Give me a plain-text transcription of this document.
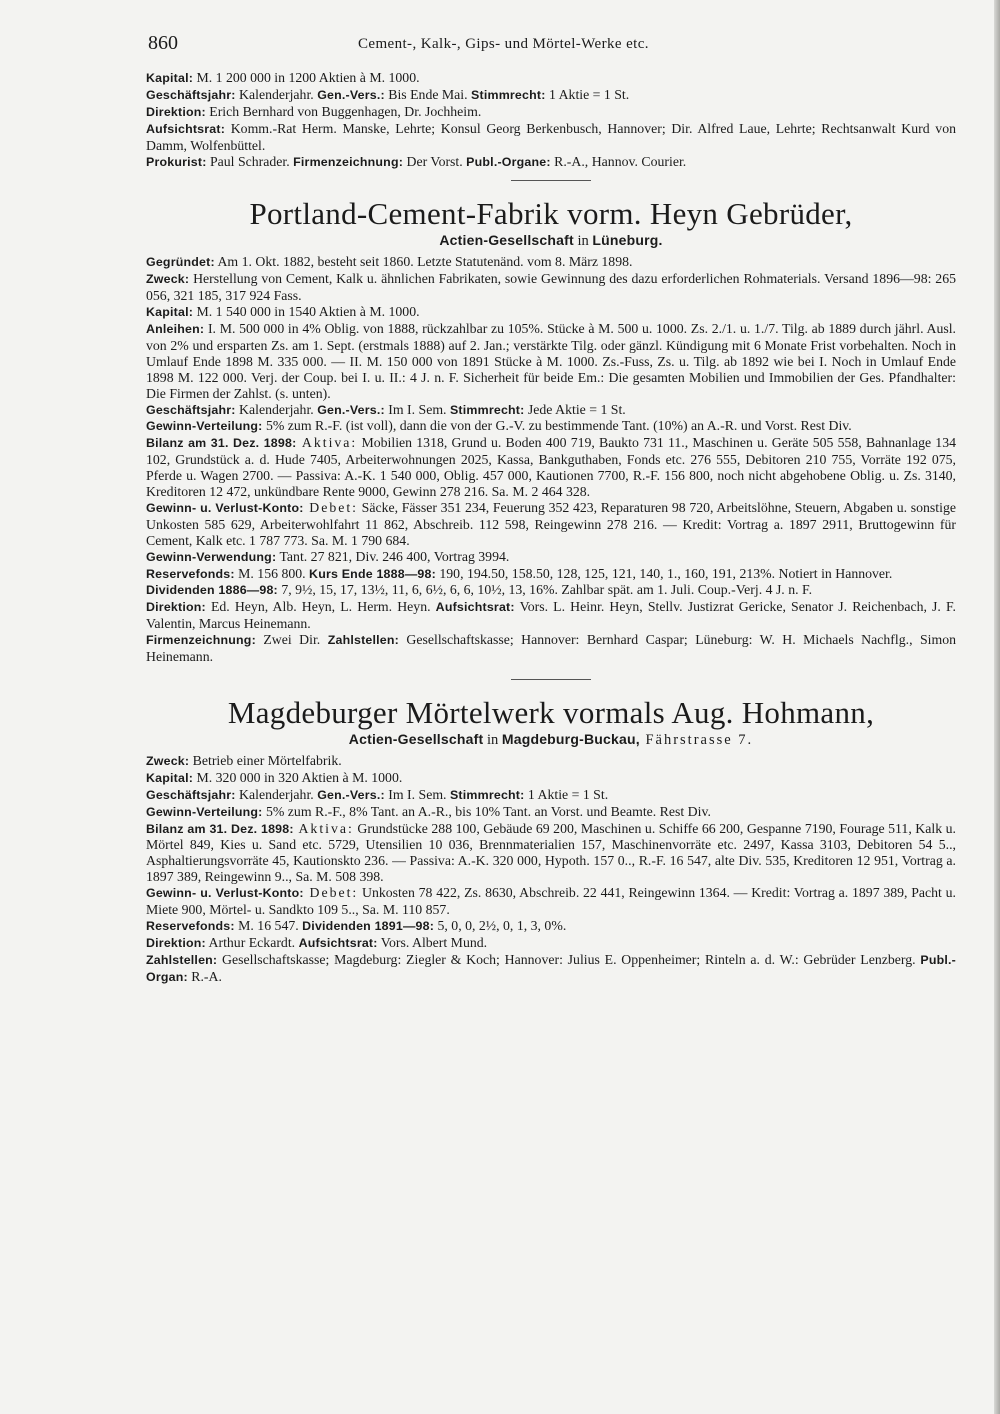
860	Cement-, Kalk-, Gips- und Mörtel-Werke etc.

Kapital: M. 1 200 000 in 1200 Aktien à M. 1000.

Geschäftsjahr: Kalenderjahr. Gen.-Vers.: Bis Ende Mai. Stimmrecht: 1 Aktie = 1 St.

Direktion: Erich Bernhard von Buggenhagen, Dr. Jochheim.

Aufsichtsrat: Komm.-Rat Herm. Manske, Lehrte; Konsul Georg Berkenbusch, Hannover; Dir. Alfred Laue, Lehrte; Rechtsanwalt Kurd von Damm, Wolfenbüttel.

Prokurist: Paul Schrader. Firmenzeichnung: Der Vorst. Publ.-Organe: R.-A., Hannov. Courier.

Portland-Cement-Fabrik vorm. Heyn Gebrüder,
Actien-Gesellschaft in Lüneburg.

Gegründet: Am 1. Okt. 1882, besteht seit 1860. Letzte Statutenänd. vom 8. März 1898.

Zweck: Herstellung von Cement, Kalk u. ähnlichen Fabrikaten, sowie Gewinnung des dazu erforderlichen Rohmaterials. Versand 1896—98: 265 056, 321 185, 317 924 Fass.

Kapital: M. 1 540 000 in 1540 Aktien à M. 1000.

Anleihen: I. M. 500 000 in 4% Oblig. von 1888, rückzahlbar zu 105%. Stücke à M. 500 u. 1000. Zs. 2./1. u. 1./7. Tilg. ab 1889 durch jährl. Ausl. von 2% und ersparten Zs. am 1. Sept. (erstmals 1888) auf 2. Jan.; verstärkte Tilg. oder gänzl. Kündigung mit 6 Monate Frist vorbehalten. Noch in Umlauf Ende 1898 M. 335 000. — II. M. 150 000 von 1891 Stücke à M. 1000. Zs.-Fuss, Zs. u. Tilg. ab 1892 wie bei I. Noch in Umlauf Ende 1898 M. 122 000. Verj. der Coup. bei I. u. II.: 4 J. n. F. Sicherheit für beide Em.: Die gesamten Mobilien und Immobilien der Ges. Pfandhalter: Die Firmen der Zahlst. (s. unten).

Geschäftsjahr: Kalenderjahr. Gen.-Vers.: Im I. Sem. Stimmrecht: Jede Aktie = 1 St.

Gewinn-Verteilung: 5% zum R.-F. (ist voll), dann die von der G.-V. zu bestimmende Tant. (10%) an A.-R. und Vorst. Rest Div.

Bilanz am 31. Dez. 1898: Aktiva: Mobilien 1318, Grund u. Boden 400 719, Baukto 731 11., Maschinen u. Geräte 505 558, Bahnanlage 134 102, Grundstück a. d. Hude 7405, Arbeiterwohnungen 2025, Kassa, Bankguthaben, Fonds etc. 276 555, Debitoren 210 755, Vorräte 192 075, Pferde u. Wagen 2700. — Passiva: A.-K. 1 540 000, Oblig. 457 000, Kautionen 7700, R.-F. 156 800, noch nicht abgehobene Oblig. u. Zs. 3140, Kreditoren 12 472, unkündbare Rente 9000, Gewinn 278 216. Sa. M. 2 464 328.

Gewinn- u. Verlust-Konto: Debet: Säcke, Fässer 351 234, Feuerung 352 423, Reparaturen 98 720, Arbeitslöhne, Steuern, Abgaben u. sonstige Unkosten 585 629, Arbeiterwohlfahrt 11 862, Abschreib. 112 598, Reingewinn 278 216. — Kredit: Vortrag a. 1897 2911, Bruttogewinn für Cement, Kalk etc. 1 787 773. Sa. M. 1 790 684.

Gewinn-Verwendung: Tant. 27 821, Div. 246 400, Vortrag 3994.

Reservefonds: M. 156 800. Kurs Ende 1888—98: 190, 194.50, 158.50, 128, 125, 121, 140, 1., 160, 191, 213%. Notiert in Hannover.

Dividenden 1886—98: 7, 9½, 15, 17, 13½, 11, 6, 6½, 6, 6, 10½, 13, 16%. Zahlbar spät. am 1. Juli. Coup.-Verj. 4 J. n. F.

Direktion: Ed. Heyn, Alb. Heyn, L. Herm. Heyn. Aufsichtsrat: Vors. L. Heinr. Heyn, Stellv. Justizrat Gericke, Senator J. Reichenbach, J. F. Valentin, Marcus Heinemann.

Firmenzeichnung: Zwei Dir. Zahlstellen: Gesellschaftskasse; Hannover: Bernhard Caspar; Lüneburg: W. H. Michaels Nachflg., Simon Heinemann.

Magdeburger Mörtelwerk vormals Aug. Hohmann,
Actien-Gesellschaft in Magdeburg-Buckau, Fährstrasse 7.

Zweck: Betrieb einer Mörtelfabrik.

Kapital: M. 320 000 in 320 Aktien à M. 1000.

Geschäftsjahr: Kalenderjahr. Gen.-Vers.: Im I. Sem. Stimmrecht: 1 Aktie = 1 St.

Gewinn-Verteilung: 5% zum R.-F., 8% Tant. an A.-R., bis 10% Tant. an Vorst. und Beamte. Rest Div.

Bilanz am 31. Dez. 1898: Aktiva: Grundstücke 288 100, Gebäude 69 200, Maschinen u. Schiffe 66 200, Gespanne 7190, Fourage 511, Kalk u. Mörtel 849, Kies u. Sand etc. 5729, Utensilien 10 036, Brennmaterialien 157, Maschinenvorräte etc. 2497, Kassa 3103, Debitoren 54 5.., Asphaltierungsvorräte 45, Kautionskto 236. — Passiva: A.-K. 320 000, Hypoth. 157 0.., R.-F. 16 547, alte Div. 535, Kreditoren 12 951, Vortrag a. 1897 389, Reingewinn 9.., Sa. M. 508 398.

Gewinn- u. Verlust-Konto: Debet: Unkosten 78 422, Zs. 8630, Abschreib. 22 441, Reingewinn 1364. — Kredit: Vortrag a. 1897 389, Pacht u. Miete 900, Mörtel- u. Sandkto 109 5.., Sa. M. 110 857.

Reservefonds: M. 16 547. Dividenden 1891—98: 5, 0, 0, 2½, 0, 1, 3, 0%.

Direktion: Arthur Eckardt. Aufsichtsrat: Vors. Albert Mund.

Zahlstellen: Gesellschaftskasse; Magdeburg: Ziegler & Koch; Hannover: Julius E. Oppenheimer; Rinteln a. d. W.: Gebrüder Lenzberg. Publ.-Organ: R.-A.
